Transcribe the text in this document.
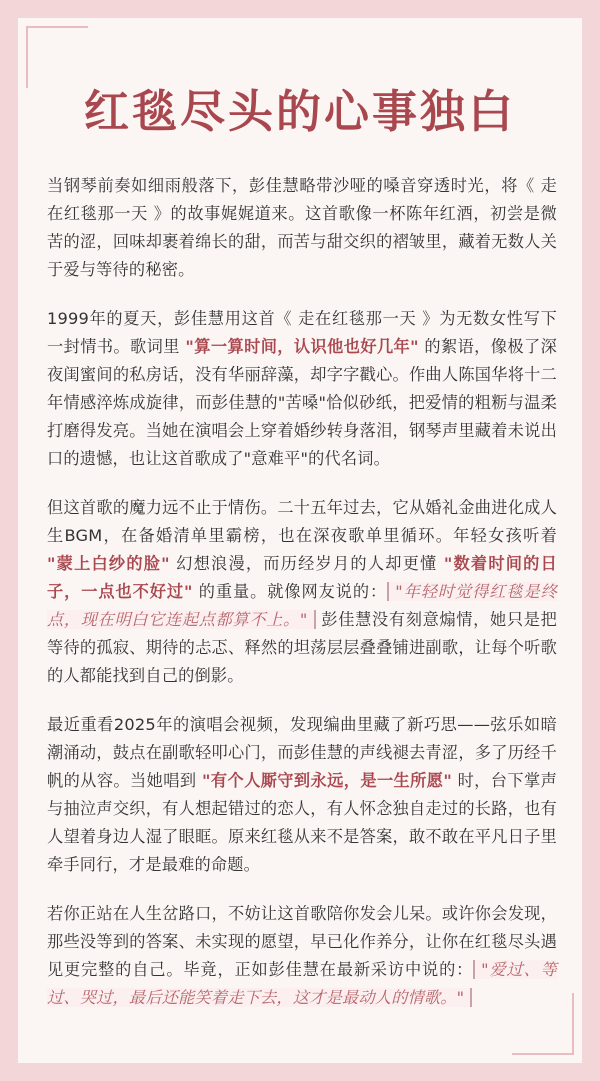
红毯尽头的心事独白

当钢琴前奏如细雨般落下，彭佳慧略带沙哑的嗓音穿透时光，将《 走在红毯那一天 》的故事娓娓道来。这首歌像一杯陈年红酒，初尝是微苦的涩，回味却裹着绵长的甜，而苦与甜交织的褶皱里，藏着无数人关于爱与等待的秘密。

1999年的夏天，彭佳慧用这首《 走在红毯那一天 》为无数女性写下一封情书。歌词里 "算一算时间，认识他也好几年" 的絮语，像极了深夜闺蜜间的私房话，没有华丽辞藻，却字字戳心。作曲人陈国华将十二年情感淬炼成旋律，而彭佳慧的"苦嗓"恰似砂纸，把爱情的粗粝与温柔打磨得发亮。当她在演唱会上穿着婚纱转身落泪，钢琴声里藏着未说出口的遗憾，也让这首歌成了"意难平"的代名词。

但这首歌的魔力远不止于情伤。二十五年过去，它从婚礼金曲进化成人生BGM，在备婚清单里霸榜，也在深夜歌单里循环。年轻女孩听着 "蒙上白纱的脸" 幻想浪漫，而历经岁月的人却更懂 "数着时间的日子，一点也不好过" 的重量。就像网友说的： "年轻时觉得红毯是终点，现在明白它连起点都算不上。" 彭佳慧没有刻意煽情，她只是把等待的孤寂、期待的忐忑、释然的坦荡层层叠叠铺进副歌，让每个听歌的人都能找到自己的倒影。

最近重看2025年的演唱会视频，发现编曲里藏了新巧思——弦乐如暗潮涌动，鼓点在副歌轻叩心门，而彭佳慧的声线褪去青涩，多了历经千帆的从容。当她唱到 "有个人厮守到永远，是一生所愿" 时，台下掌声与抽泣声交织，有人想起错过的恋人，有人怀念独自走过的长路，也有人望着身边人湿了眼眶。原来红毯从来不是答案，敢不敢在平凡日子里牵手同行，才是最难的命题。

若你正站在人生岔路口，不妨让这首歌陪你发会儿呆。或许你会发现，那些没等到的答案、未实现的愿望，早已化作养分，让你在红毯尽头遇见更完整的自己。毕竟，正如彭佳慧在最新采访中说的： "爱过、等过、哭过，最后还能笑着走下去，这才是最动人的情歌。"
